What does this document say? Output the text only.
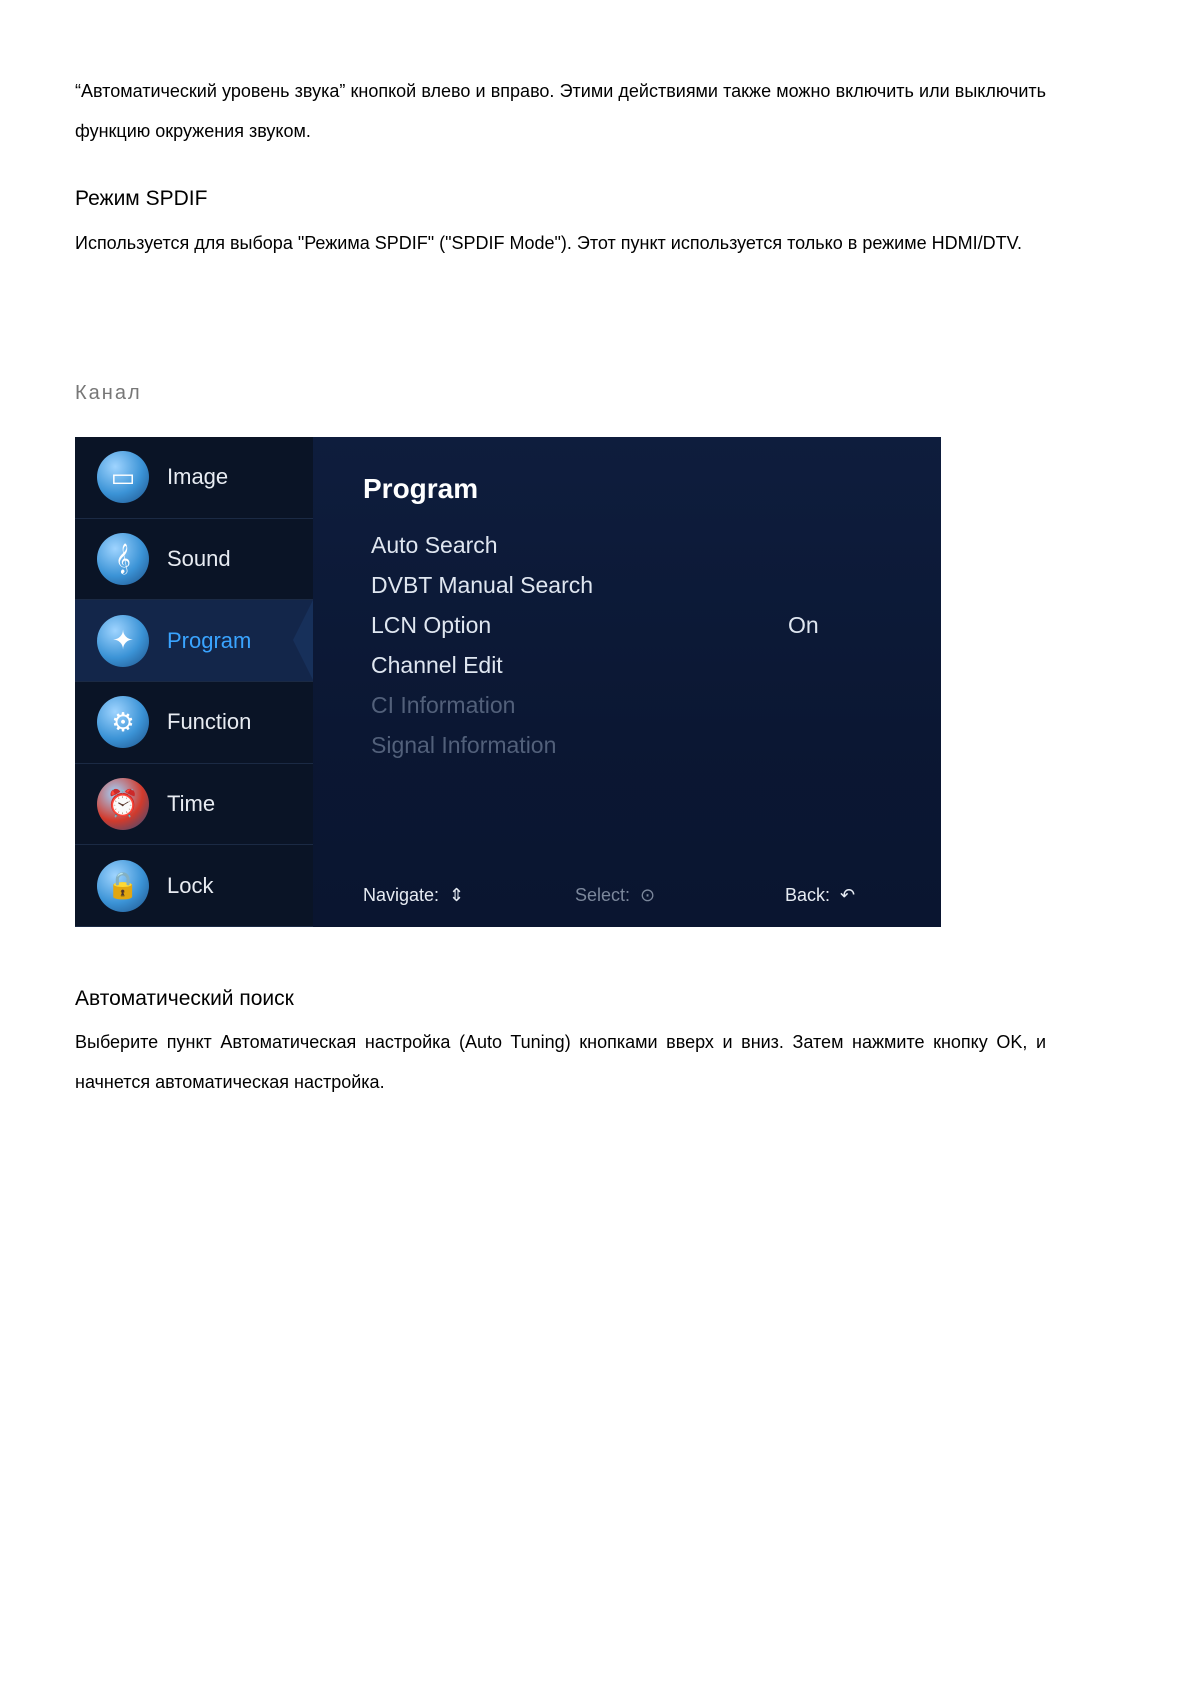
“Автоматический уровень звука” кнопкой влево и вправо. Этими действиями также можно включить или выключить функцию окружения звуком.

Режим SPDIF

Используется для выбора "Режима SPDIF" ("SPDIF Mode"). Этот пункт используется только в режиме HDMI/DTV.

Канал
▭	Image
𝄞	Sound
✦	Program
⚙	Function
⏰	Time
🔒	Lock
Program
Auto Search
DVBT Manual Search
LCN Option	On
Channel Edit
CI Information
Signal Information
Navigate: ⇕	Select: ⊙	Back: ↶
Автоматический поиск

Выберите пункт Автоматическая настройка (Auto Tuning) кнопками вверх и вниз. Затем нажмите кнопку OK, и начнется автоматическая настройка.
